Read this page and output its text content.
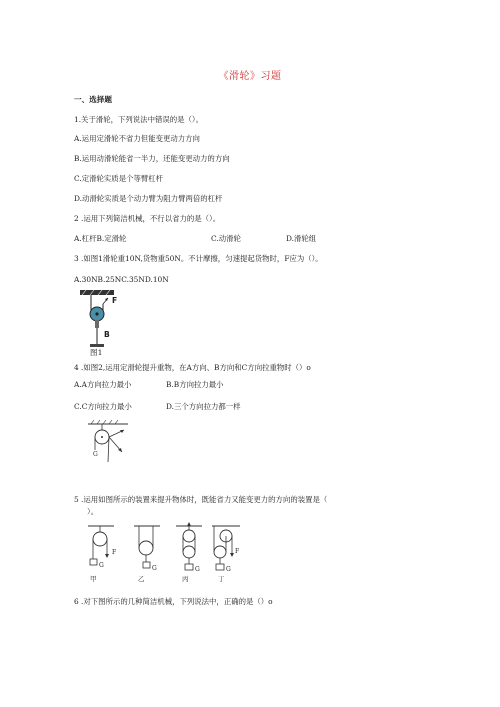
《滑轮》习题
一、选择题
1.关于滑轮，下列说法中错误的是（）。
A.运用定滑轮不省力但能变更动力方向
B.运用动滑轮能省一半力，还能变更动力的方向
C.定滑轮实质是个等臂杠杆
D.动滑轮实质是个动力臂为阻力臂两倍的杠杆
2 .运用下列简洁机械，不行以省力的是（）。
A.杠杆B.定滑轮	C.动滑轮	D.滑轮组
3 .如图1滑轮重10N,货物重50N。不计摩擦，匀速提起货物时，F应为（）。
A.30NB.25NC.35ND.10N
F
B
图1
4 .如图2,运用定滑轮提升重物，在A方向、B方向和C方向拉重物时（）o
A.A方向拉力最小	B.B方向拉力最小
C.C方向拉力最小	D.三个方向拉力都一样
G
5 .运用如图所示的装置来提升物体时，既能省力又能变更力的方向的装置是（
）。
F
G	G	G
F
G
甲	乙	丙	丁
6 .对下图所示的几种简洁机械，下列说法中，正确的是（）o
